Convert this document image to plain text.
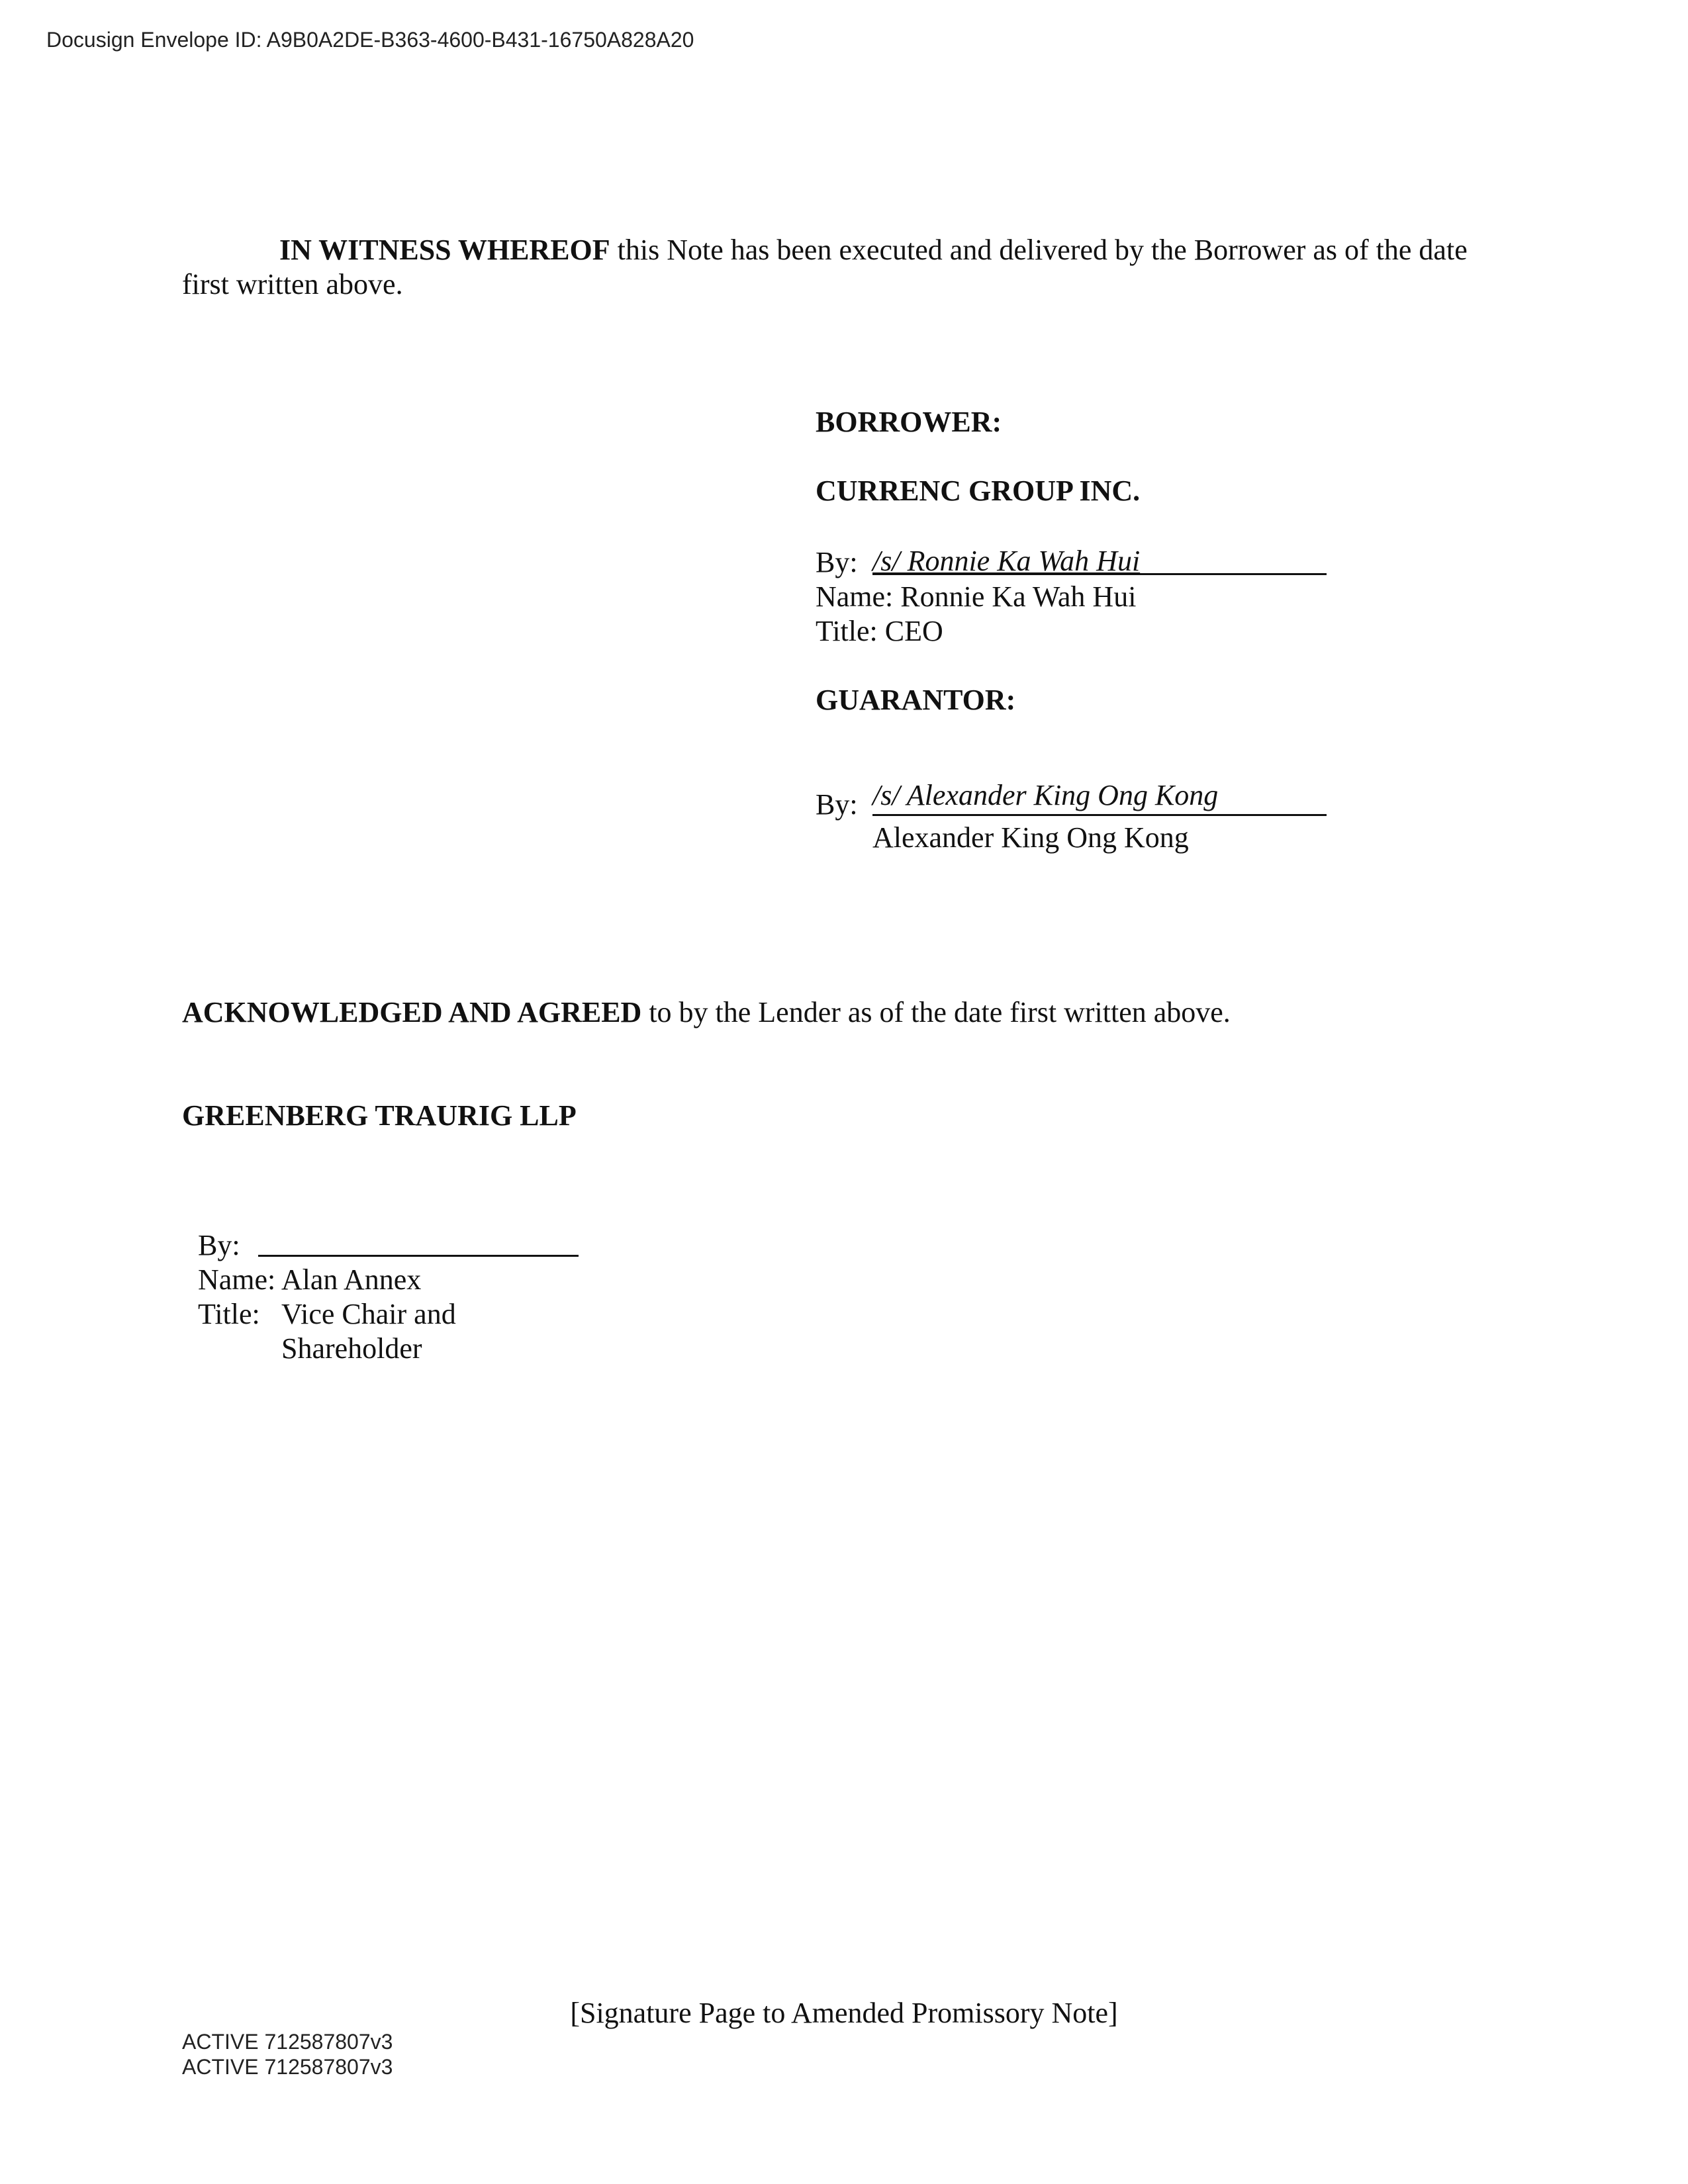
Docusign Envelope ID: A9B0A2DE-B363-4600-B431-16750A828A20
IN WITNESS WHEREOF this Note has been executed and delivered by the Borrower as of the date
first written above.
BORROWER:
CURRENC GROUP INC.
By: /s/ Ronnie Ka Wah Hui
Name: Ronnie Ka Wah Hui
Title: CEO
GUARANTOR:
By: /s/ Alexander King Ong Kong
Alexander King Ong Kong
ACKNOWLEDGED AND AGREED to by the Lender as of the date first written above.
GREENBERG TRAURIG LLP
By:
Name: Alan Annex
Title: Vice Chair and
Shareholder
[Signature Page to Amended Promissory Note]
ACTIVE 712587807v3
ACTIVE 712587807v3
